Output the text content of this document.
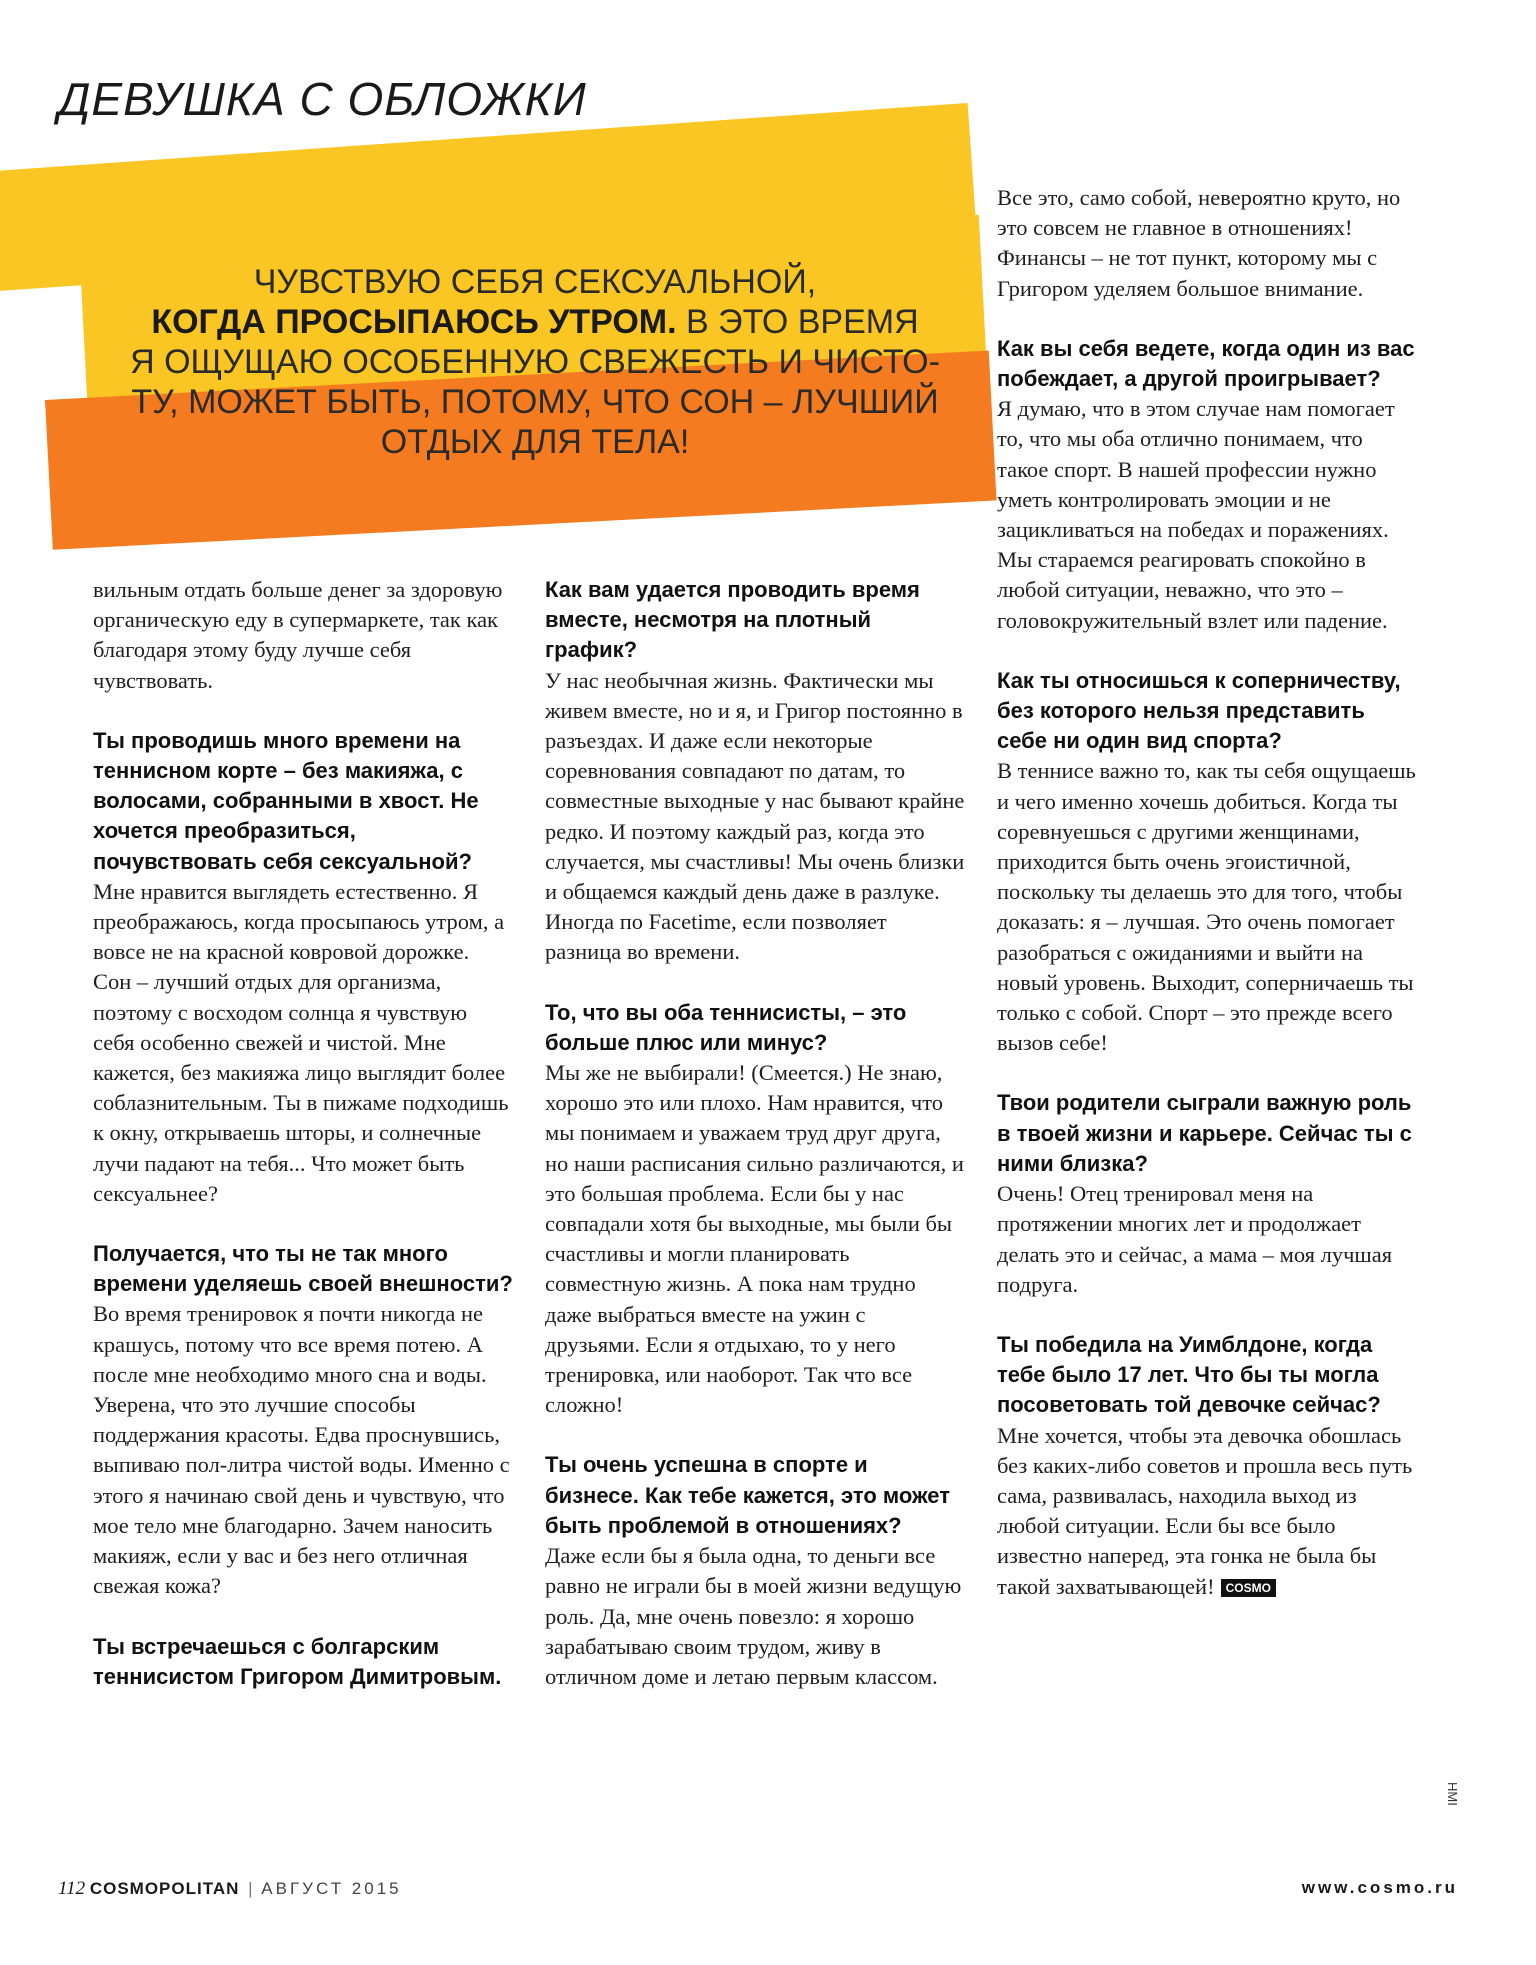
ДЕВУШКА С ОБЛОЖКИ

ЧУВСТВУЮ СЕБЯ СЕКСУАЛЬНОЙ,
КОГДА ПРОСЫПАЮСЬ УТРОМ. В ЭТО ВРЕМЯ
Я ОЩУЩАЮ ОСОБЕННУЮ СВЕЖЕСТЬ И ЧИСТО-
ТУ, МОЖЕТ БЫТЬ, ПОТОМУ, ЧТО СОН – ЛУЧШИЙ
ОТДЫХ ДЛЯ ТЕЛА!

вильным отдать больше денег за здоровую органическую еду в супермаркете, так как благодаря этому буду лучше себя чувствовать.

Ты проводишь много времени на теннисном корте – без макияжа, с волосами, собранными в хвост. Не хочется преобразиться, почувствовать себя сексуальной?

Мне нравится выглядеть естественно. Я преображаюсь, когда просыпаюсь утром, а вовсе не на красной ковровой дорожке. Сон – лучший отдых для организма, поэтому с восходом солнца я чувствую себя особенно свежей и чистой. Мне кажется, без макияжа лицо выглядит более соблазнительным. Ты в пижаме подходишь к окну, открываешь шторы, и солнечные лучи падают на тебя... Что может быть сексуальнее?

Получается, что ты не так много времени уделяешь своей внешности?

Во время тренировок я почти никогда не крашусь, потому что все время потею. А после мне необходимо много сна и воды. Уверена, что это лучшие способы поддержания красоты. Едва проснувшись, выпиваю пол-литра чистой воды. Именно с этого я начинаю свой день и чувствую, что мое тело мне благодарно. Зачем наносить макияж, если у вас и без него отличная свежая кожа?

Ты встречаешься с болгарским теннисистом Григором Димитровым.

Как вам удается проводить время вместе, несмотря на плотный график?

У нас необычная жизнь. Фактически мы живем вместе, но и я, и Григор постоянно в разъездах. И даже если некоторые соревнования совпадают по датам, то совместные выходные у нас бывают крайне редко. И поэтому каждый раз, когда это случается, мы счастливы! Мы очень близки и общаемся каждый день даже в разлуке. Иногда по Facetime, если позволяет разница во времени.

То, что вы оба теннисисты, – это больше плюс или минус?

Мы же не выбирали! (Смеется.) Не знаю, хорошо это или плохо. Нам нравится, что мы понимаем и уважаем труд друг друга, но наши расписания сильно различаются, и это большая проблема. Если бы у нас совпадали хотя бы выходные, мы были бы счастливы и могли планировать совместную жизнь. А пока нам трудно даже выбраться вместе на ужин с друзьями. Если я отдыхаю, то у него тренировка, или наоборот. Так что все сложно!

Ты очень успешна в спорте и бизнесе. Как тебе кажется, это может быть проблемой в отношениях?

Даже если бы я была одна, то деньги все равно не играли бы в моей жизни ведущую роль. Да, мне очень повезло: я хорошо зарабатываю своим трудом, живу в отличном доме и летаю первым классом.

Все это, само собой, невероятно круто, но это совсем не главное в отношениях! Финансы – не тот пункт, которому мы с Григором уделяем большое внимание.

Как вы себя ведете, когда один из вас побеждает, а другой проигрывает?

Я думаю, что в этом случае нам помогает то, что мы оба отлично понимаем, что такое спорт. В нашей профессии нужно уметь контролировать эмоции и не зацикливаться на победах и поражениях. Мы стараемся реагировать спокойно в любой ситуации, неважно, что это – головокружительный взлет или падение.

Как ты относишься к соперничеству, без которого нельзя представить себе ни один вид спорта?

В теннисе важно то, как ты себя ощущаешь и чего именно хочешь добиться. Когда ты соревнуешься с другими женщинами, приходится быть очень эгоистичной, поскольку ты делаешь это для того, чтобы доказать: я – лучшая. Это очень помогает разобраться с ожиданиями и выйти на новый уровень. Выходит, соперничаешь ты только с собой. Спорт – это прежде всего вызов себе!

Твои родители сыграли важную роль в твоей жизни и карьере. Сейчас ты с ними близка?

Очень! Отец тренировал меня на протяжении многих лет и продолжает делать это и сейчас, а мама – моя лучшая подруга.

Ты победила на Уимблдоне, когда тебе было 17 лет. Что бы ты могла посоветовать той девочке сейчас?

Мне хочется, чтобы эта девочка обошлась без каких-либо советов и прошла весь путь сама, развивалась, находила выход из любой ситуации. Если бы все было известно наперед, эта гонка не была бы такой захватывающей! COSMO

HMI
112 COSMOPOLITAN | АВГУСТ 2015	www.cosmo.ru
